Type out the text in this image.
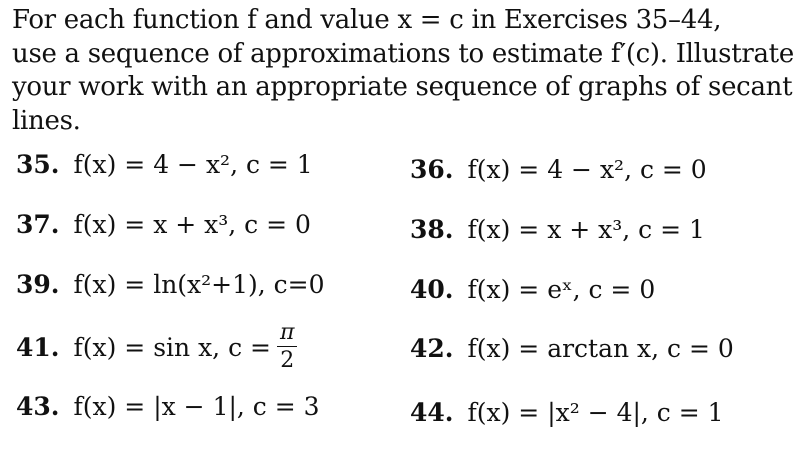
For each function f and value x = c in Exercises 35–44,
use a sequence of approximations to estimate f′(c). Illustrate
your work with an appropriate sequence of graphs of secant
lines.
35. f(x) = 4 − x², c = 1
37. f(x) = x + x³, c = 0
39. f(x) = ln(x²+1), c=0
41. f(x) = sin x, $c = \frac{\pi}{2}$
43. f(x) = |x − 1|, c = 3
36. f(x) = 4 − x², c = 0
38. f(x) = x + x³, c = 1
40. f(x) = eˣ, c = 0
42. f(x) = arctan x, c = 0
44. f(x) = |x² − 4|, c = 1
